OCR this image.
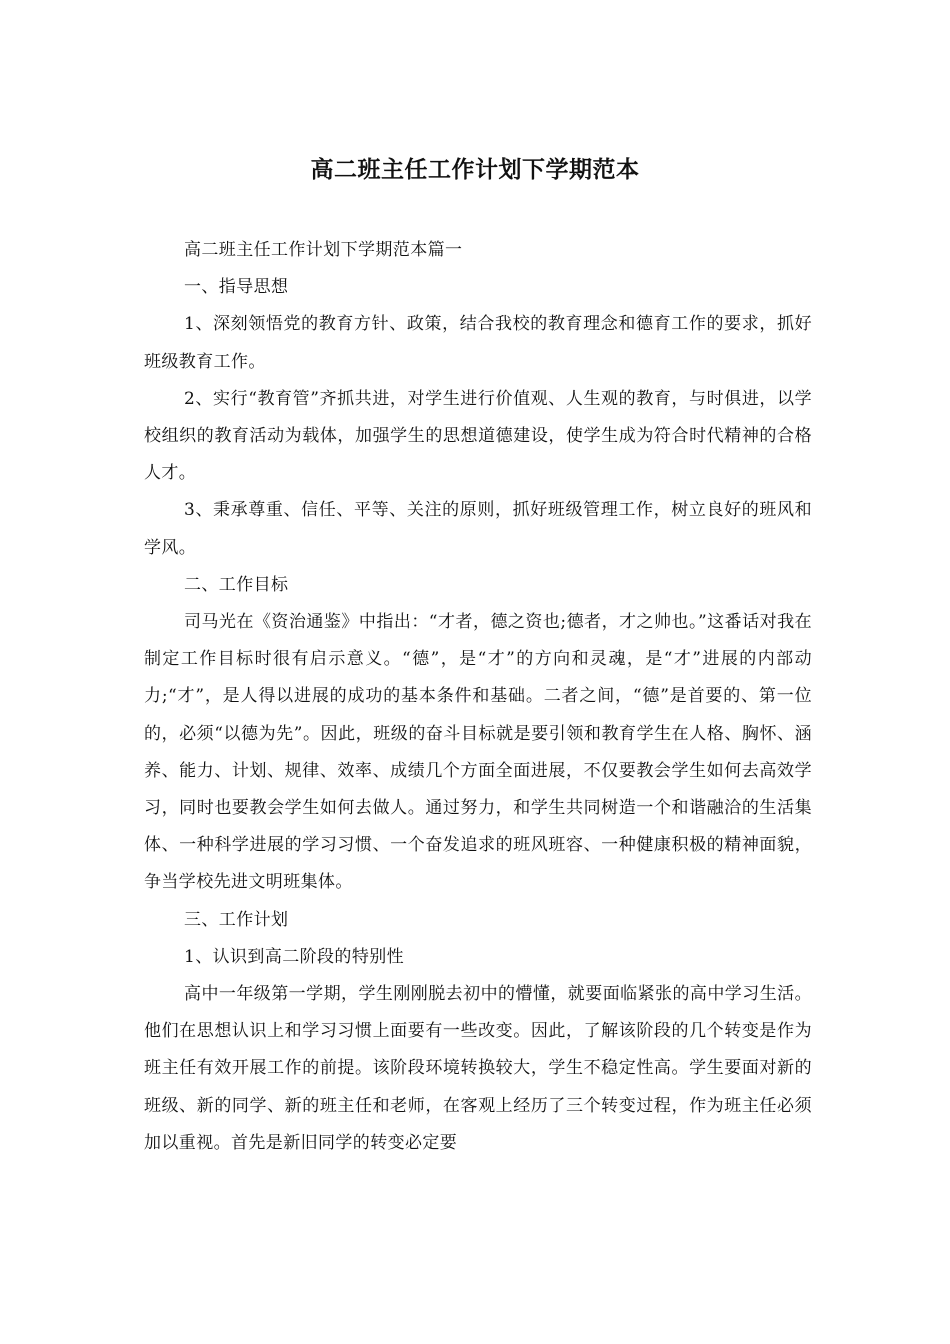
高二班主任工作计划下学期范本

高二班主任工作计划下学期范本篇一

一、指导思想

1、深刻领悟党的教育方针、政策，结合我校的教育理念和德育工作的要求，抓好班级教育工作。

2、实行“教育管”齐抓共进，对学生进行价值观、人生观的教育，与时俱进，以学校组织的教育活动为载体，加强学生的思想道德建设，使学生成为符合时代精神的合格人才。

3、秉承尊重、信任、平等、关注的原则，抓好班级管理工作，树立良好的班风和学风。

二、工作目标

司马光在《资治通鉴》中指出：“才者，德之资也;德者，才之帅也。”这番话对我在制定工作目标时很有启示意义。“德”，是“才”的方向和灵魂，是“才”进展的内部动力;“才”，是人得以进展的成功的基本条件和基础。二者之间，“德”是首要的、第一位的，必须“以德为先”。因此，班级的奋斗目标就是要引领和教育学生在人格、胸怀、涵养、能力、计划、规律、效率、成绩几个方面全面进展，不仅要教会学生如何去高效学习，同时也要教会学生如何去做人。通过努力，和学生共同树造一个和谐融洽的生活集体、一种科学进展的学习习惯、一个奋发追求的班风班容、一种健康积极的精神面貌，争当学校先进文明班集体。

三、工作计划

1、认识到高二阶段的特别性

高中一年级第一学期，学生刚刚脱去初中的懵懂，就要面临紧张的高中学习生活。他们在思想认识上和学习习惯上面要有一些改变。因此，了解该阶段的几个转变是作为班主任有效开展工作的前提。该阶段环境转换较大，学生不稳定性高。学生要面对新的班级、新的同学、新的班主任和老师，在客观上经历了三个转变过程，作为班主任必须加以重视。首先是新旧同学的转变必定要
